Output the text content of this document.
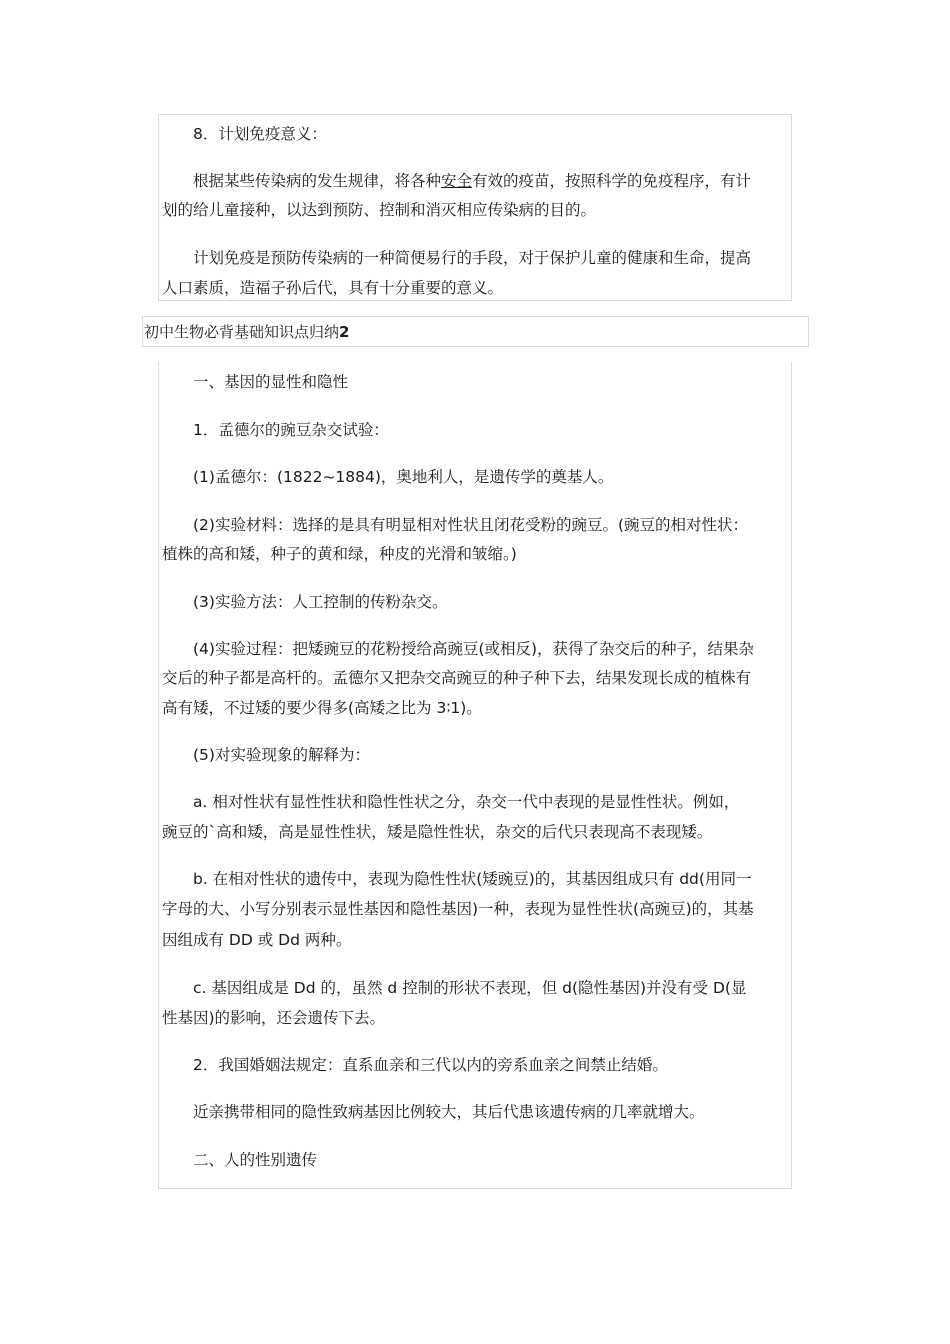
8．计划免疫意义：
根据某些传染病的发生规律，将各种安全有效的疫苗，按照科学的免疫程序，有计
划的给儿童接种，以达到预防、控制和消灭相应传染病的目的。
计划免疫是预防传染病的一种简便易行的手段，对于保护儿童的健康和生命，提高
人口素质，造福子孙后代，具有十分重要的意义。
初中生物必背基础知识点归纳2
一、基因的显性和隐性
1．孟德尔的豌豆杂交试验：
(1)孟德尔：(1822~1884)，奥地利人，是遗传学的奠基人。
(2)实验材料：选择的是具有明显相对性状且闭花受粉的豌豆。(豌豆的相对性状：
植株的高和矮，种子的黄和绿，种皮的光滑和皱缩。)
(3)实验方法：人工控制的传粉杂交。
(4)实验过程：把矮豌豆的花粉授给高豌豆(或相反)，获得了杂交后的种子，结果杂
交后的种子都是高杆的。孟德尔又把杂交高豌豆的种子种下去，结果发现长成的植株有
高有矮，不过矮的要少得多(高矮之比为 3∶1)。
(5)对实验现象的解释为：
a. 相对性状有显性性状和隐性性状之分，杂交一代中表现的是显性性状。例如，
豌豆的`高和矮，高是显性性状，矮是隐性性状，杂交的后代只表现高不表现矮。
b. 在相对性状的遗传中，表现为隐性性状(矮豌豆)的，其基因组成只有 dd(用同一
字母的大、小写分别表示显性基因和隐性基因)一种，表现为显性性状(高豌豆)的，其基
因组成有 DD 或 Dd 两种。
c. 基因组成是 Dd 的，虽然 d 控制的形状不表现，但 d(隐性基因)并没有受 D(显
性基因)的影响，还会遗传下去。
2．我国婚姻法规定：直系血亲和三代以内的旁系血亲之间禁止结婚。
近亲携带相同的隐性致病基因比例较大，其后代患该遗传病的几率就增大。
二、人的性别遗传
